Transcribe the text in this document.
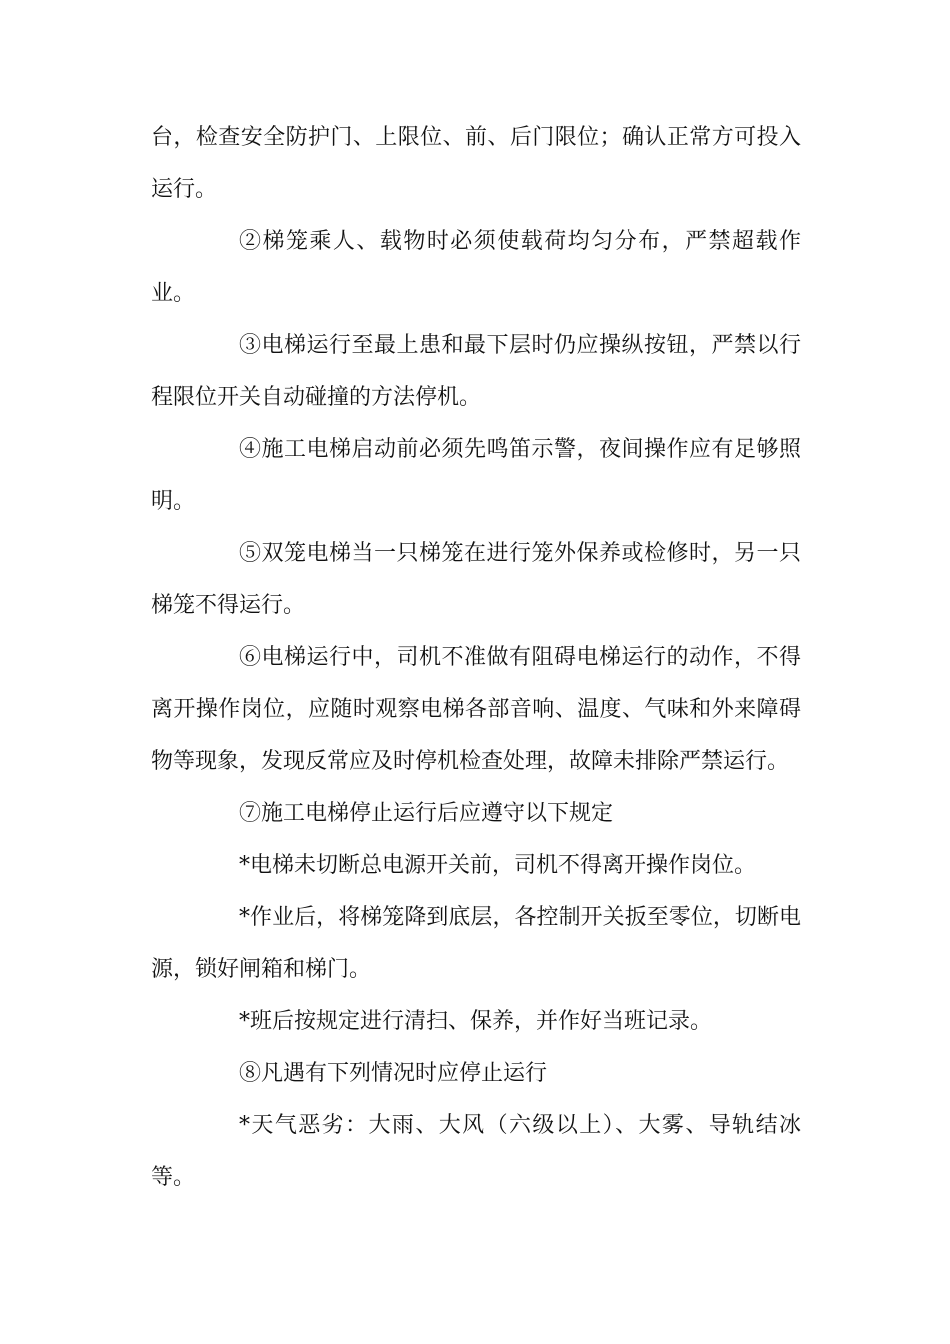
台，检查安全防护门、上限位、前、后门限位；确认正常方可投入运行。

②梯笼乘人、载物时必须使载荷均匀分布，严禁超载作业。

③电梯运行至最上患和最下层时仍应操纵按钮，严禁以行程限位开关自动碰撞的方法停机。

④施工电梯启动前必须先鸣笛示警，夜间操作应有足够照明。

⑤双笼电梯当一只梯笼在进行笼外保养或检修时，另一只梯笼不得运行。

⑥电梯运行中，司机不准做有阻碍电梯运行的动作，不得离开操作岗位，应随时观察电梯各部音响、温度、气味和外来障碍物等现象，发现反常应及时停机检查处理，故障未排除严禁运行。

⑦施工电梯停止运行后应遵守以下规定

*电梯未切断总电源开关前，司机不得离开操作岗位。

*作业后，将梯笼降到底层，各控制开关扳至零位，切断电源，锁好闸箱和梯门。

*班后按规定进行清扫、保养，并作好当班记录。

⑧凡遇有下列情况时应停止运行

*天气恶劣：大雨、大风（六级以上）、大雾、导轨结冰等。
